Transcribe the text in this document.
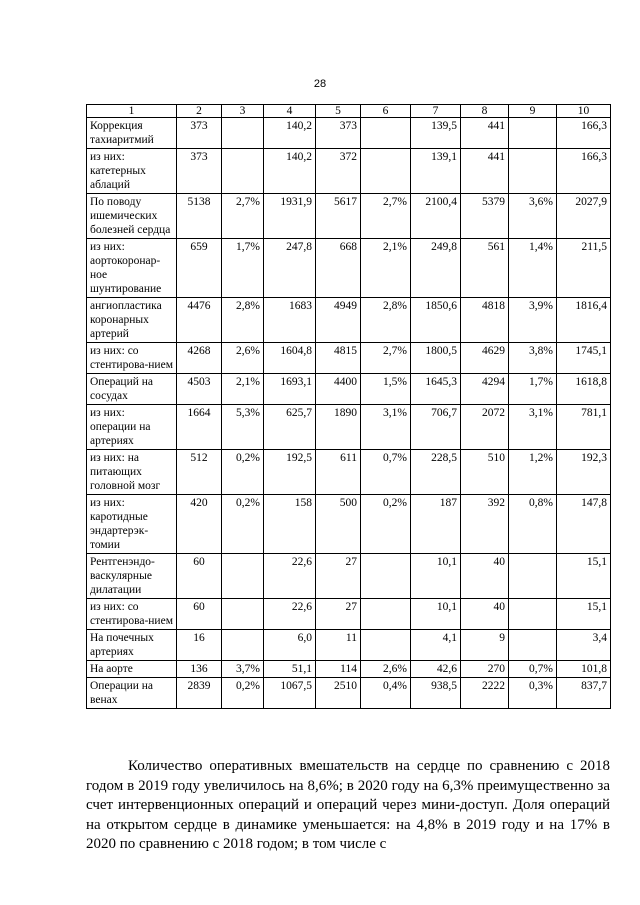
28
1	2	3	4	5	6	7	8	9	10
Коррекция тахиаритмий	373		140,2	373		139,5	441		166,3
из них: катетерных аблаций	373		140,2	372		139,1	441		166,3
По поводу ишемических болезней сердца	5138	2,7%	1931,9	5617	2,7%	2100,4	5379	3,6%	2027,9
из них: аортокоронар-ное шунтирование	659	1,7%	247,8	668	2,1%	249,8	561	1,4%	211,5
ангиопластика коронарных артерий	4476	2,8%	1683	4949	2,8%	1850,6	4818	3,9%	1816,4
из них: со стентирова-нием	4268	2,6%	1604,8	4815	2,7%	1800,5	4629	3,8%	1745,1
Операций на сосудах	4503	2,1%	1693,1	4400	1,5%	1645,3	4294	1,7%	1618,8
из них: операции на артериях	1664	5,3%	625,7	1890	3,1%	706,7	2072	3,1%	781,1
из них: на питающих головной мозг	512	0,2%	192,5	611	0,7%	228,5	510	1,2%	192,3
из них: каротидные эндартерэк-томии	420	0,2%	158	500	0,2%	187	392	0,8%	147,8
Рентгенэндо-васкулярные дилатации	60		22,6	27		10,1	40		15,1
из них: со стентирова-нием	60		22,6	27		10,1	40		15,1
На почечных артериях	16		6,0	11		4,1	9		3,4
На аорте	136	3,7%	51,1	114	2,6%	42,6	270	0,7%	101,8
Операции на венах	2839	0,2%	1067,5	2510	0,4%	938,5	2222	0,3%	837,7

Количество оперативных вмешательств на сердце по сравнению с 2018 годом в 2019 году увеличилось на 8,6%; в 2020 году на 6,3% преимущественно за счет интервенционных операций и операций через мини-доступ. Доля операций на открытом сердце в динамике уменьшается: на 4,8% в 2019 году и на 17% в 2020 по сравнению с 2018 годом; в том числе с
